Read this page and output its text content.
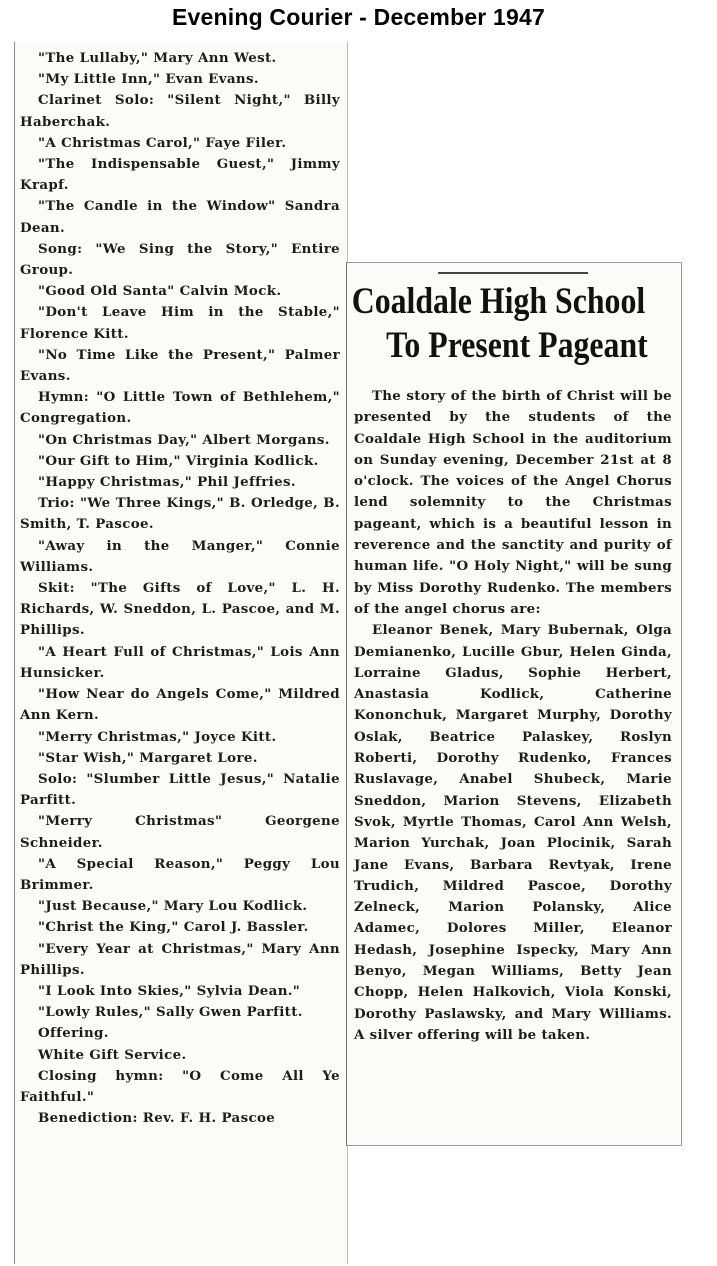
Evening Courier - December 1947

"The Lullaby," Mary Ann West.

"My Little Inn," Evan Evans.

Clarinet Solo: "Silent Night," Billy Haberchak.

"A Christmas Carol," Faye Filer.

"The Indispensable Guest," Jimmy Krapf.

"The Candle in the Window" Sandra Dean.

Song: "We Sing the Story," Entire Group.

"Good Old Santa" Calvin Mock.

"Don't Leave Him in the Stable," Florence Kitt.

"No Time Like the Present," Palmer Evans.

Hymn: "O Little Town of Bethlehem," Congregation.

"On Christmas Day," Albert Morgans.

"Our Gift to Him," Virginia Kodlick.

"Happy Christmas," Phil Jeffries.

Trio: "We Three Kings," B. Orledge, B. Smith, T. Pascoe.

"Away in the Manger," Connie Williams.

Skit: "The Gifts of Love," L. H. Richards, W. Sneddon, L. Pascoe, and M. Phillips.

"A Heart Full of Christmas," Lois Ann Hunsicker.

"How Near do Angels Come," Mildred Ann Kern.

"Merry Christmas," Joyce Kitt.

"Star Wish," Margaret Lore.

Solo: "Slumber Little Jesus," Natalie Parfitt.

"Merry Christmas" Georgene Schneider.

"A Special Reason," Peggy Lou Brimmer.

"Just Because," Mary Lou Kodlick.

"Christ the King," Carol J. Bassler.

"Every Year at Christmas," Mary Ann Phillips.

"I Look Into Skies," Sylvia Dean."

"Lowly Rules," Sally Gwen Parfitt.

Offering.

White Gift Service.

Closing hymn: "O Come All Ye Faithful."

Benediction: Rev. F. H. Pascoe

Coaldale High School
To Present Pageant

The story of the birth of Christ will be presented by the students of the Coaldale High School in the auditorium on Sunday evening, December 21st at 8 o'clock. The voices of the Angel Chorus lend solemnity to the Christmas pageant, which is a beautiful lesson in reverence and the sanctity and purity of human life. "O Holy Night," will be sung by Miss Dorothy Rudenko. The members of the angel chorus are:

Eleanor Benek, Mary Bubernak, Olga Demianenko, Lucille Gbur, Helen Ginda, Lorraine Gladus, Sophie Herbert, Anastasia Kodlick, Catherine Kononchuk, Margaret Murphy, Dorothy Oslak, Beatrice Palaskey, Roslyn Roberti, Dorothy Rudenko, Frances Ruslavage, Anabel Shubeck, Marie Sneddon, Marion Stevens, Elizabeth Svok, Myrtle Thomas, Carol Ann Welsh, Marion Yurchak, Joan Plocinik, Sarah Jane Evans, Barbara Revtyak, Irene Trudich, Mildred Pascoe, Dorothy Zelneck, Marion Polansky, Alice Adamec, Dolores Miller, Eleanor Hedash, Josephine Ispecky, Mary Ann Benyo, Megan Williams, Betty Jean Chopp, Helen Halkovich, Viola Konski, Dorothy Paslawsky, and Mary Williams. A silver offering will be taken.
